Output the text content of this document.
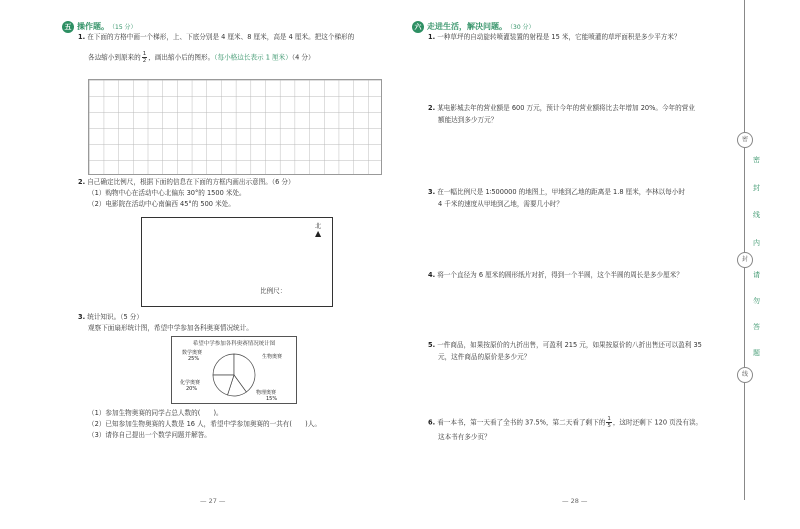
五 操作题。 （15 分）
1. 在下面的方格中画一个梯形，上、下底分别是 4 厘米、8 厘米，高是 4 厘米。把这个梯形的
各边缩小到原来的 $\frac{1}{2}$ ，画出缩小后的图形。（每小格边长表示 1 厘米）（4 分）
2. 自己确定比例尺，根据下面的信息在下面的方框内画出示意图。（6 分）
（1）购物中心在活动中心北偏东 30°的 1500 米处。
（2）电影院在活动中心南偏西 45°的 500 米处。
北
▲
比例尺：
3. 统计知识。（5 分）
观察下面扇形统计图，希望中学参加各科奥赛情况统计。
希望中学参加各科奥赛情况统计图
数学奥赛
25%	生物奥赛
化学奥赛
20%
物理奥赛
15%
（1）参加生物奥赛的同学占总人数的(　　)。
（2）已知参加生物奥赛的人数是 16 人，希望中学参加奥赛的一共有(　　)人。
（3）请你自己提出一个数学问题并解答。
— 27 —
六 走进生活，解决问题。 （30 分）
1. 一种草坪的自动旋转喷灌装置的射程是 15 米，它能喷灌的草坪面积是多少平方米？
2. 某电影城去年的营业额是 600 万元，预计今年的营业额将比去年增加 20%。今年的营业
额能达到多少万元？
3. 在一幅比例尺是 1∶500000 的地图上，甲地到乙地的距离是 1.8 厘米，李林以每小时
4 千米的速度从甲地到乙地，需要几小时？
4. 将一个直径为 6 厘米的圆形纸片对折，得到一个半圆，这个半圆的周长是多少厘米？
5. 一件商品，如果按原价的九折出售，可盈利 215 元，如果按原价的八折出售还可以盈利 35
元，这件商品的原价是多少元？
6. 看一本书，第一天看了全书的 37.5%，第二天看了剩下的 $\frac{1}{5}$ ，这时还剩下 120 页没有读。
这本书有多少页？
— 28 —
密
封
线
密
封
线
内
请
勿
答
题
